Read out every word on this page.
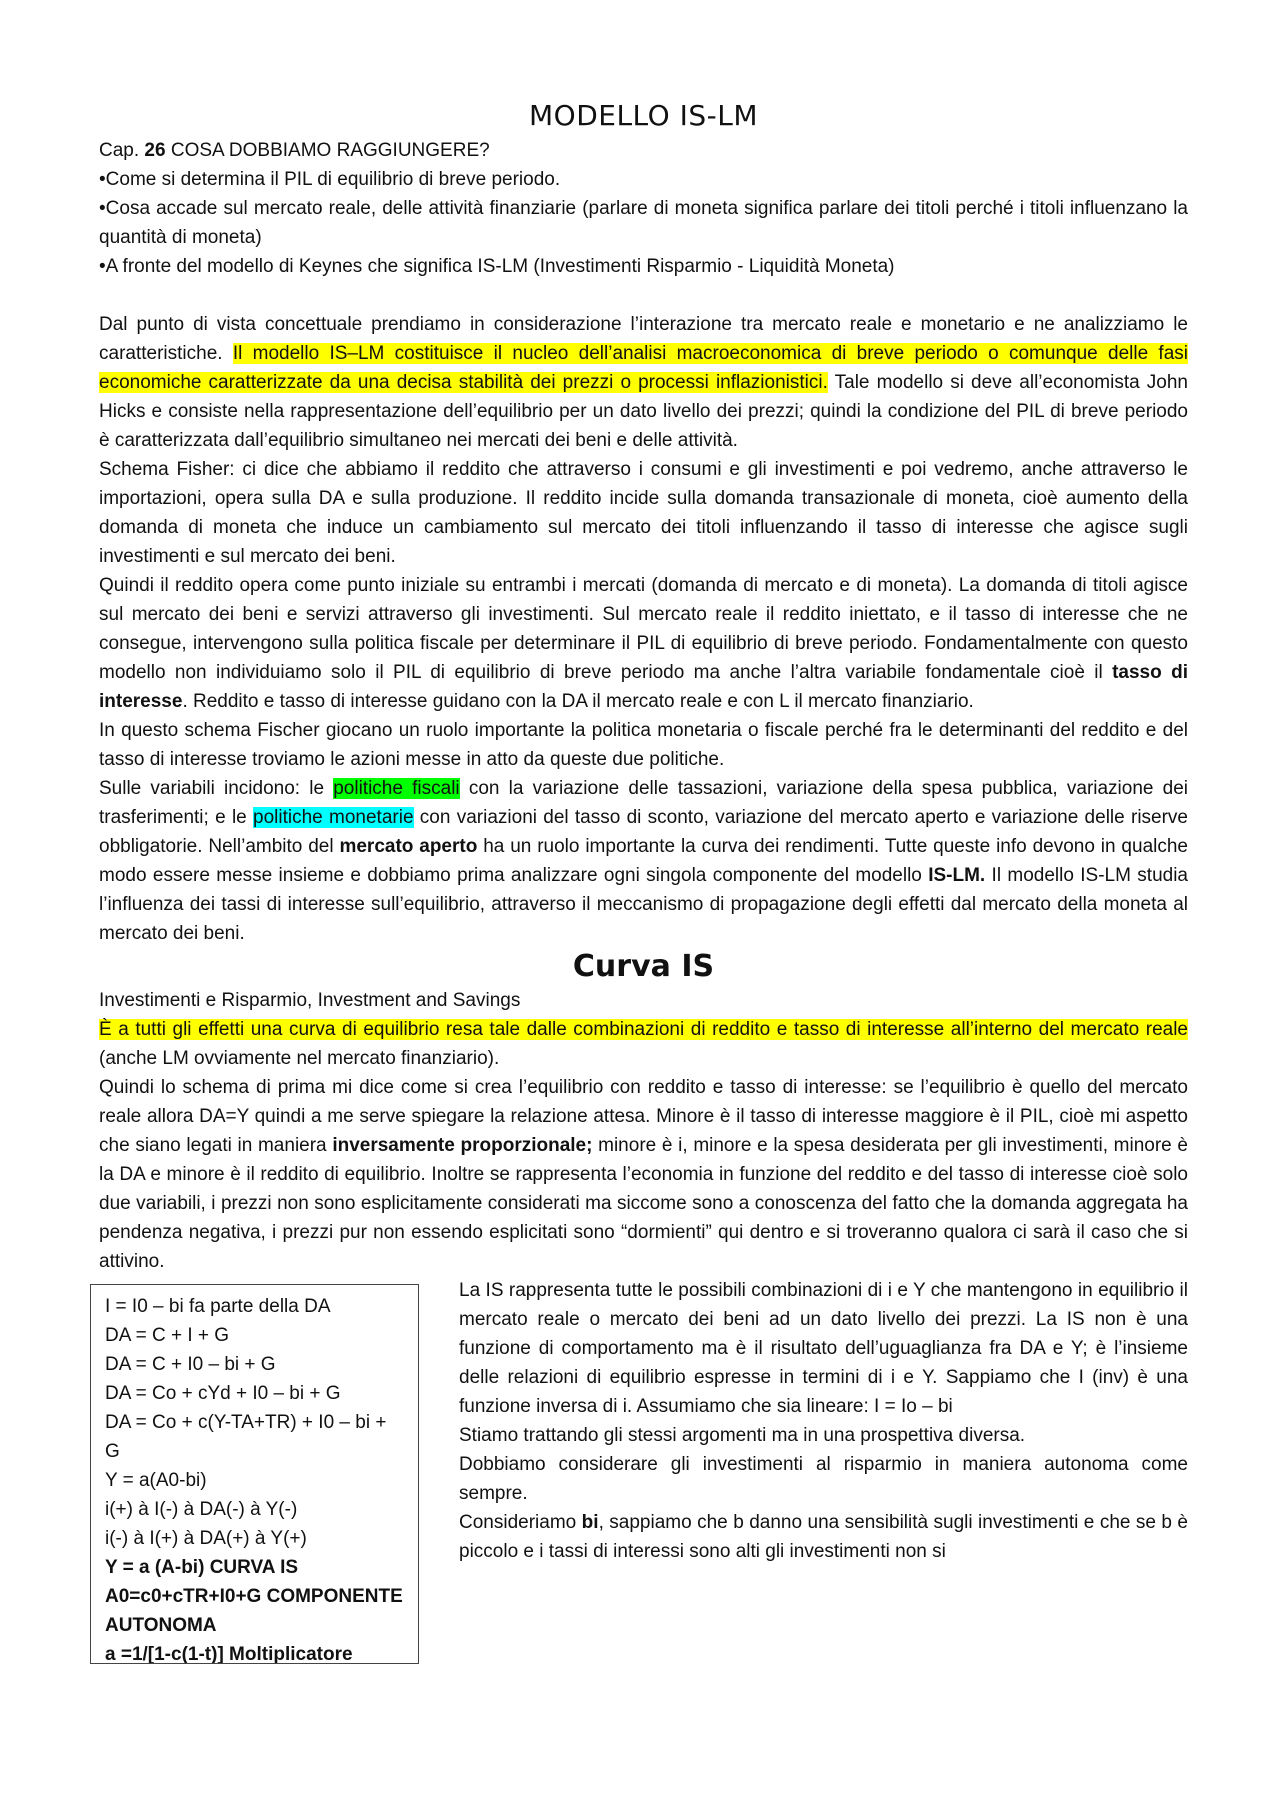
MODELLO IS-LM

Cap. 26 COSA DOBBIAMO RAGGIUNGERE?

•Come si determina il PIL di equilibrio di breve periodo.

•Cosa accade sul mercato reale, delle attività finanziarie (parlare di moneta significa parlare dei titoli perché i titoli influenzano la quantità di moneta)

•A fronte del modello di Keynes che significa IS-LM (Investimenti Risparmio - Liquidità Moneta)

Dal punto di vista concettuale prendiamo in considerazione l’interazione tra mercato reale e monetario e ne analizziamo le caratteristiche. Il modello IS–LM costituisce il nucleo dell’analisi macroeconomica di breve periodo o comunque delle fasi economiche caratterizzate da una decisa stabilità dei prezzi o processi inflazionistici. Tale modello si deve all’economista John Hicks e consiste nella rappresentazione dell’equilibrio per un dato livello dei prezzi; quindi la condizione del PIL di breve periodo è caratterizzata dall’equilibrio simultaneo nei mercati dei beni e delle attività.

Schema Fisher: ci dice che abbiamo il reddito che attraverso i consumi e gli investimenti e poi vedremo, anche attraverso le importazioni, opera sulla DA e sulla produzione. Il reddito incide sulla domanda transazionale di moneta, cioè aumento della domanda di moneta che induce un cambiamento sul mercato dei titoli influenzando il tasso di interesse che agisce sugli investimenti e sul mercato dei beni.

Quindi il reddito opera come punto iniziale su entrambi i mercati (domanda di mercato e di moneta). La domanda di titoli agisce sul mercato dei beni e servizi attraverso gli investimenti. Sul mercato reale il reddito iniettato, e il tasso di interesse che ne consegue, intervengono sulla politica fiscale per determinare il PIL di equilibrio di breve periodo. Fondamentalmente con questo modello non individuiamo solo il PIL di equilibrio di breve periodo ma anche l’altra variabile fondamentale cioè il tasso di interesse. Reddito e tasso di interesse guidano con la DA il mercato reale e con L il mercato finanziario.

In questo schema Fischer giocano un ruolo importante la politica monetaria o fiscale perché fra le determinanti del reddito e del tasso di interesse troviamo le azioni messe in atto da queste due politiche.

Sulle variabili incidono: le politiche fiscali con la variazione delle tassazioni, variazione della spesa pubblica, variazione dei trasferimenti; e le politiche monetarie con variazioni del tasso di sconto, variazione del mercato aperto e variazione delle riserve obbligatorie. Nell’ambito del mercato aperto ha un ruolo importante la curva dei rendimenti. Tutte queste info devono in qualche modo essere messe insieme e dobbiamo prima analizzare ogni singola componente del modello IS-LM. Il modello IS-LM studia l’influenza dei tassi di interesse sull’equilibrio, attraverso il meccanismo di propagazione degli effetti dal mercato della moneta al mercato dei beni.

Curva IS

Investimenti e Risparmio, Investment and Savings

È a tutti gli effetti una curva di equilibrio resa tale dalle combinazioni di reddito e tasso di interesse all’interno del mercato reale (anche LM ovviamente nel mercato finanziario).

Quindi lo schema di prima mi dice come si crea l’equilibrio con reddito e tasso di interesse: se l’equilibrio è quello del mercato reale allora DA=Y quindi a me serve spiegare la relazione attesa. Minore è il tasso di interesse maggiore è il PIL, cioè mi aspetto che siano legati in maniera inversamente proporzionale; minore è i, minore e la spesa desiderata per gli investimenti, minore è la DA e minore è il reddito di equilibrio. Inoltre se rappresenta l’economia in funzione del reddito e del tasso di interesse cioè solo due variabili, i prezzi non sono esplicitamente considerati ma siccome sono a conoscenza del fatto che la domanda aggregata ha pendenza negativa, i prezzi pur non essendo esplicitati sono “dormienti” qui dentro e si troveranno qualora ci sarà il caso che si attivino.

I = I0 – bi fa parte della DA
DA = C + I + G
DA = C + I0 – bi + G
DA = Co + cYd + I0 – bi + G
DA = Co + c(Y-TA+TR) + I0 – bi + G
Y = a(A0-bi)
i(+) à I(-) à DA(-) à Y(-)
i(-) à I(+) à DA(+) à Y(+)
Y = a (A-bi) CURVA IS
A0=c0+cTR+I0+G COMPONENTE AUTONOMA
a =1/[1-c(1-t)] Moltiplicatore

La IS rappresenta tutte le possibili combinazioni di i e Y che mantengono in equilibrio il mercato reale o mercato dei beni ad un dato livello dei prezzi. La IS non è una funzione di comportamento ma è il risultato dell’uguaglianza fra DA e Y; è l’insieme delle relazioni di equilibrio espresse in termini di i e Y. Sappiamo che I (inv) è una funzione inversa di i. Assumiamo che sia lineare: I = Io – bi

Stiamo trattando gli stessi argomenti ma in una prospettiva diversa.

Dobbiamo considerare gli investimenti al risparmio in maniera autonoma come sempre.

Consideriamo bi, sappiamo che b danno una sensibilità sugli investimenti e che se b è piccolo e i tassi di interessi sono alti gli investimenti non si
